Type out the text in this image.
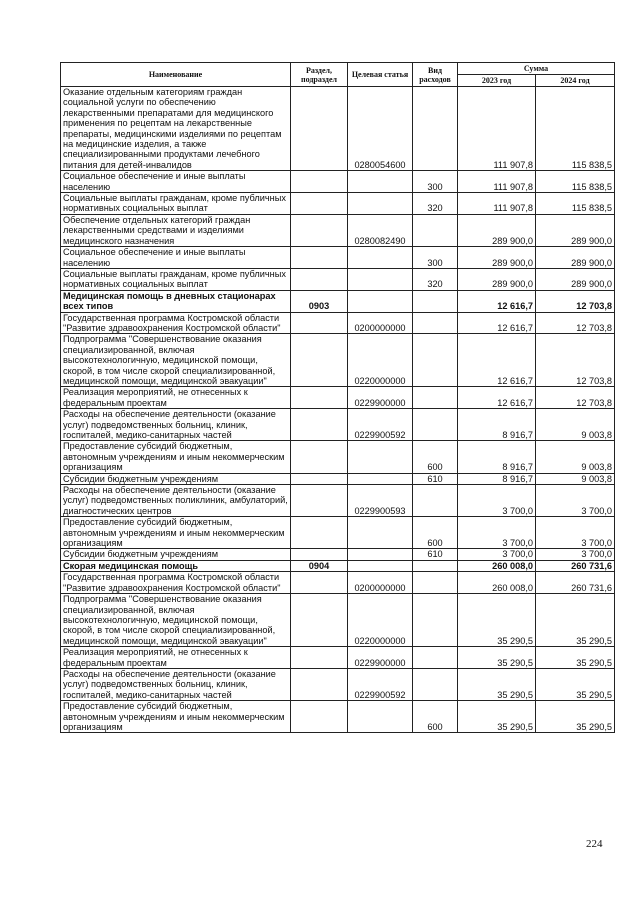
Наименование	Раздел, подраздел	Целевая статья	Вид расходов	Сумма	
				2023 год	2024 год
Оказание отдельным категориям граждан социальной услуги по обеспечению лекарственными препаратами для медицинского применения по рецептам на лекарственные препараты, медицинскими изделиями по рецептам на медицинские изделия, а также специализированными продуктами лечебного питания для детей-инвалидов		0280054600		111 907,8	115 838,5
Социальное обеспечение и иные выплаты населению			300	111 907,8	115 838,5
Социальные выплаты гражданам, кроме публичных нормативных социальных выплат			320	111 907,8	115 838,5
Обеспечение отдельных категорий граждан лекарственными средствами и изделиями медицинского назначения		0280082490		289 900,0	289 900,0
Социальное обеспечение и иные выплаты населению			300	289 900,0	289 900,0
Социальные выплаты гражданам, кроме публичных нормативных социальных выплат			320	289 900,0	289 900,0
Медицинская помощь в дневных стационарах всех типов	0903			12 616,7	12 703,8
Государственная программа Костромской области "Развитие здравоохранения Костромской области"		0200000000		12 616,7	12 703,8
Подпрограмма "Совершенствование оказания специализированной, включая высокотехнологичную, медицинской помощи, скорой, в том числе скорой специализированной, медицинской помощи, медицинской эвакуации"		0220000000		12 616,7	12 703,8
Реализация мероприятий, не отнесенных к федеральным проектам		0229900000		12 616,7	12 703,8
Расходы на обеспечение деятельности (оказание услуг) подведомственных больниц, клиник, госпиталей, медико-санитарных частей		0229900592		8 916,7	9 003,8
Предоставление субсидий бюджетным, автономным учреждениям и иным некоммерческим организациям			600	8 916,7	9 003,8
Субсидии бюджетным учреждениям			610	8 916,7	9 003,8
Расходы на обеспечение деятельности (оказание услуг) подведомственных поликлиник, амбулаторий, диагностических центров		0229900593		3 700,0	3 700,0
Предоставление субсидий бюджетным, автономным учреждениям и иным некоммерческим организациям			600	3 700,0	3 700,0
Субсидии бюджетным учреждениям			610	3 700,0	3 700,0
Скорая медицинская помощь	0904			260 008,0	260 731,6
Государственная программа Костромской области "Развитие здравоохранения Костромской области"		0200000000		260 008,0	260 731,6
Подпрограмма "Совершенствование оказания специализированной, включая высокотехнологичную, медицинской помощи, скорой, в том числе скорой специализированной, медицинской помощи, медицинской эвакуации"		0220000000		35 290,5	35 290,5
Реализация мероприятий, не отнесенных к федеральным проектам		0229900000		35 290,5	35 290,5
Расходы на обеспечение деятельности (оказание услуг) подведомственных больниц, клиник, госпиталей, медико-санитарных частей		0229900592		35 290,5	35 290,5
Предоставление субсидий бюджетным, автономным учреждениям и иным некоммерческим организациям			600	35 290,5	35 290,5
224
